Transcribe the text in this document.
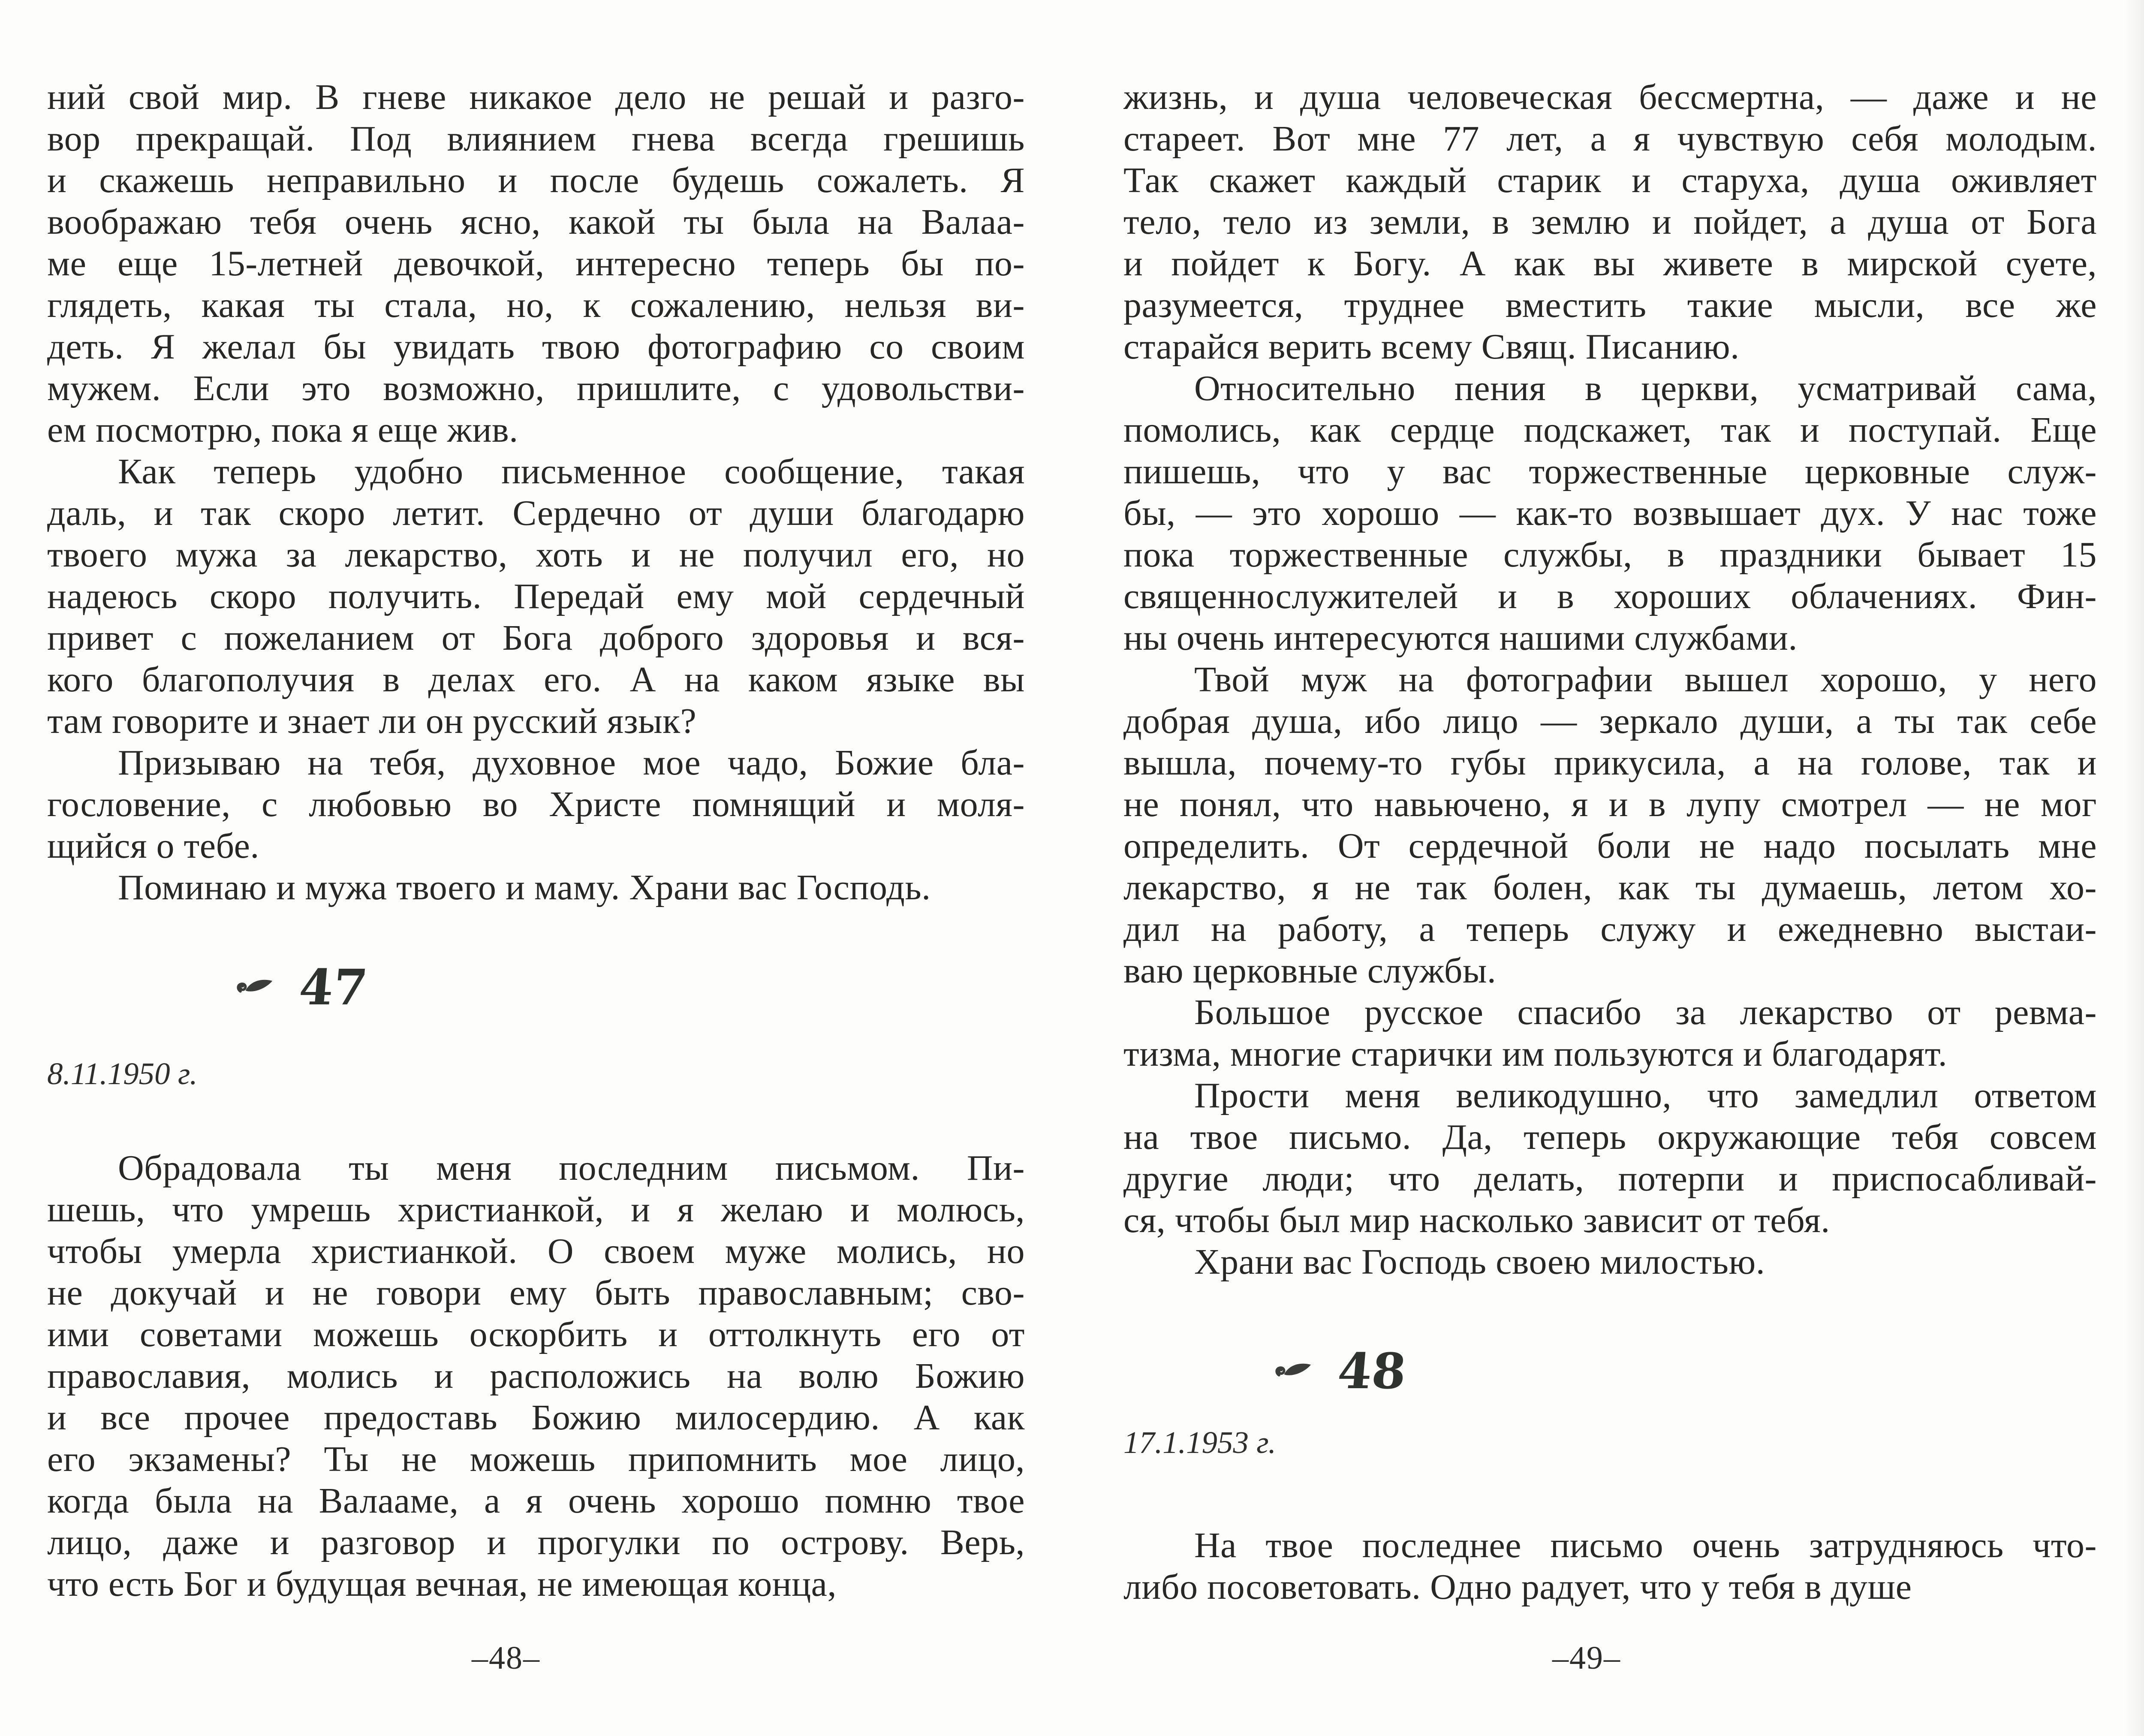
ний свой мир. В гневе никакое дело не решай и разго-
вор прекращай. Под влиянием гнева всегда грешишь
и скажешь неправильно и после будешь сожалеть. Я
воображаю тебя очень ясно, какой ты была на Валаа-
ме еще 15-летней девочкой, интересно теперь бы по-
глядеть, какая ты стала, но, к сожалению, нельзя ви-
деть. Я желал бы увидать твою фотографию со своим
мужем. Если это возможно, пришлите, с удовольстви-
ем посмотрю, пока я еще жив.
Как теперь удобно письменное сообщение, такая
даль, и так скоро летит. Сердечно от души благодарю
твоего мужа за лекарство, хоть и не получил его, но
надеюсь скоро получить. Передай ему мой сердечный
привет с пожеланием от Бога доброго здоровья и вся-
кого благополучия в делах его. А на каком языке вы
там говорите и знает ли он русский язык?
Призываю на тебя, духовное мое чадо, Божие бла-
гословение, с любовью во Христе помнящий и моля-
щийся о тебе.
Поминаю и мужа твоего и маму. Храни вас Господь.
47
8.11.1950 г.
Обрадовала ты меня последним письмом. Пи-
шешь, что умрешь христианкой, и я желаю и молюсь,
чтобы умерла христианкой. О своем муже молись, но
не докучай и не говори ему быть православным; сво-
ими советами можешь оскорбить и оттолкнуть его от
православия, молись и расположись на волю Божию
и все прочее предоставь Божию милосердию. А как
его экзамены? Ты не можешь припомнить мое лицо,
когда была на Валааме, а я очень хорошо помню твое
лицо, даже и разговор и прогулки по острову. Верь,
что есть Бог и будущая вечная, не имеющая конца,
–48–
жизнь, и душа человеческая бессмертна, — даже и не
стареет. Вот мне 77 лет, а я чувствую себя молодым.
Так скажет каждый старик и старуха, душа оживляет
тело, тело из земли, в землю и пойдет, а душа от Бога
и пойдет к Богу. А как вы живете в мирской суете,
разумеется, труднее вместить такие мысли, все же
старайся верить всему Свящ. Писанию.
Относительно пения в церкви, усматривай сама,
помолись, как сердце подскажет, так и поступай. Еще
пишешь, что у вас торжественные церковные служ-
бы, — это хорошо — как-то возвышает дух. У нас тоже
пока торжественные службы, в праздники бывает 15
священнослужителей и в хороших облачениях. Фин-
ны очень интересуются нашими службами.
Твой муж на фотографии вышел хорошо, у него
добрая душа, ибо лицо — зеркало души, а ты так себе
вышла, почему-то губы прикусила, а на голове, так и
не понял, что навьючено, я и в лупу смотрел — не мог
определить. От сердечной боли не надо посылать мне
лекарство, я не так болен, как ты думаешь, летом хо-
дил на работу, а теперь служу и ежедневно выстаи-
ваю церковные службы.
Большое русское спасибо за лекарство от ревма-
тизма, многие старички им пользуются и благодарят.
Прости меня великодушно, что замедлил ответом
на твое письмо. Да, теперь окружающие тебя совсем
другие люди; что делать, потерпи и приспосабливай-
ся, чтобы был мир насколько зависит от тебя.
Храни вас Господь своею милостью.
48
17.1.1953 г.
На твое последнее письмо очень затрудняюсь что-
либо посоветовать. Одно радует, что у тебя в душе
–49–
